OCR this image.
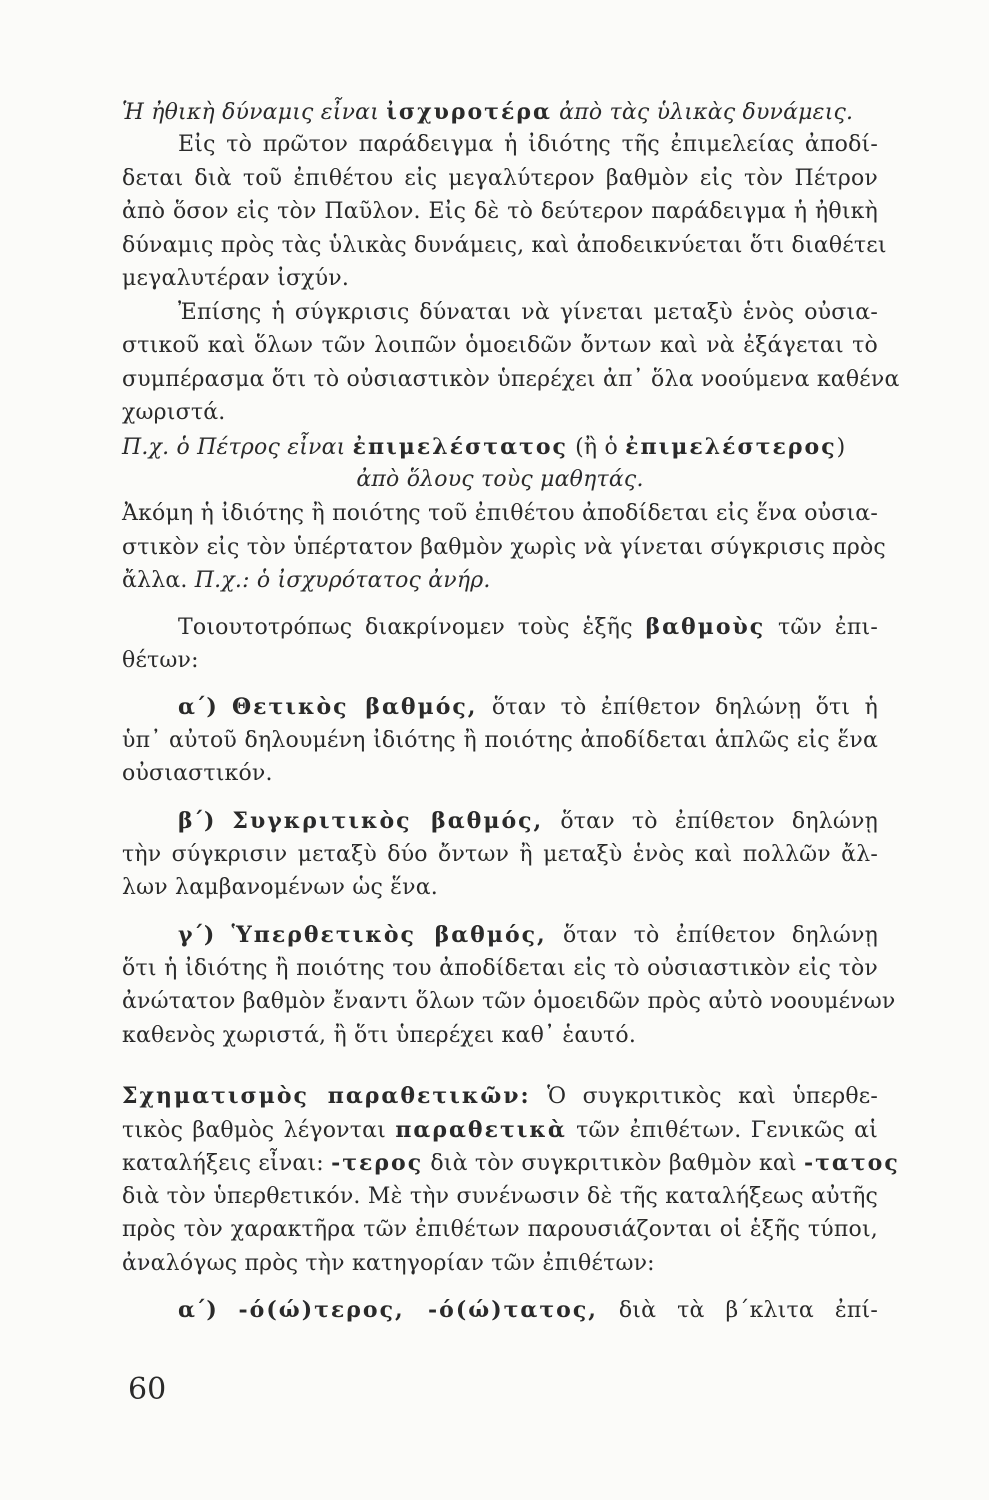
Ἡ ἠθικὴ δύναμις εἶναι ἰσχυροτέρα ἀπὸ τὰς ὑλικὰς δυνάμεις.
Εἰς τὸ πρῶτον παράδειγμα ἡ ἰδιότης τῆς ἐπιμελείας ἀποδί-
δεται διὰ τοῦ ἐπιθέτου εἰς μεγαλύτερον βαθμὸν εἰς τὸν Πέτρον
ἀπὸ ὅσον εἰς τὸν Παῦλον. Εἰς δὲ τὸ δεύτερον παράδειγμα ἡ ἠθικὴ
δύναμις πρὸς τὰς ὑλικὰς δυνάμεις, καὶ ἀποδεικνύεται ὅτι διαθέτει
μεγαλυτέραν ἰσχύν.
Ἐπίσης ἡ σύγκρισις δύναται νὰ γίνεται μεταξὺ ἑνὸς οὐσια-
στικοῦ καὶ ὅλων τῶν λοιπῶν ὁμοειδῶν ὄντων καὶ νὰ ἐξάγεται τὸ
συμπέρασμα ὅτι τὸ οὐσιαστικὸν ὑπερέχει ἀπ᾽ ὅλα νοούμενα καθένα
χωριστά.
Π.χ. ὁ Πέτρος εἶναι ἐπιμελέστατος (ἢ ὁ ἐπιμελέστερος)
ἀπὸ ὅλους τοὺς μαθητάς.
Ἀκόμη ἡ ἰδιότης ἢ ποιότης τοῦ ἐπιθέτου ἀποδίδεται εἰς ἕνα οὐσια-
στικὸν εἰς τὸν ὑπέρτατον βαθμὸν χωρὶς νὰ γίνεται σύγκρισις πρὸς
ἄλλα. Π.χ.: ὁ ἰσχυρότατος ἀνήρ.
Τοιουτοτρόπως διακρίνομεν τοὺς ἑξῆς βαθμοὺς τῶν ἐπι-
θέτων:
α΄) Θετικὸς βαθμός, ὅταν τὸ ἐπίθετον δηλώνῃ ὅτι ἡ
ὑπ᾽ αὐτοῦ δηλουμένη ἰδιότης ἢ ποιότης ἀποδίδεται ἁπλῶς εἰς ἕνα
οὐσιαστικόν.
β΄) Συγκριτικὸς βαθμός, ὅταν τὸ ἐπίθετον δηλώνῃ
τὴν σύγκρισιν μεταξὺ δύο ὄντων ἢ μεταξὺ ἑνὸς καὶ πολλῶν ἄλ-
λων λαμβανομένων ὡς ἕνα.
γ΄) Ὑπερθετικὸς βαθμός, ὅταν τὸ ἐπίθετον δηλώνῃ
ὅτι ἡ ἰδιότης ἢ ποιότης του ἀποδίδεται εἰς τὸ οὐσιαστικὸν εἰς τὸν
ἀνώτατον βαθμὸν ἔναντι ὅλων τῶν ὁμοειδῶν πρὸς αὐτὸ νοουμένων
καθενὸς χωριστά, ἢ ὅτι ὑπερέχει καθ᾽ ἑαυτό.
Σχηματισμὸς παραθετικῶν: Ὁ συγκριτικὸς καὶ ὑπερθε-
τικὸς βαθμὸς λέγονται παραθετικὰ τῶν ἐπιθέτων. Γενικῶς αἱ
καταλήξεις εἶναι: -τερος διὰ τὸν συγκριτικὸν βαθμὸν καὶ -τατος
διὰ τὸν ὑπερθετικόν. Μὲ τὴν συνένωσιν δὲ τῆς καταλήξεως αὐτῆς
πρὸς τὸν χαρακτῆρα τῶν ἐπιθέτων παρουσιάζονται οἱ ἑξῆς τύποι,
ἀναλόγως πρὸς τὴν κατηγορίαν τῶν ἐπιθέτων:
α΄) -ό(ώ)τερος, -ό(ώ)τατος, διὰ τὰ β΄κλιτα ἐπί-
60
